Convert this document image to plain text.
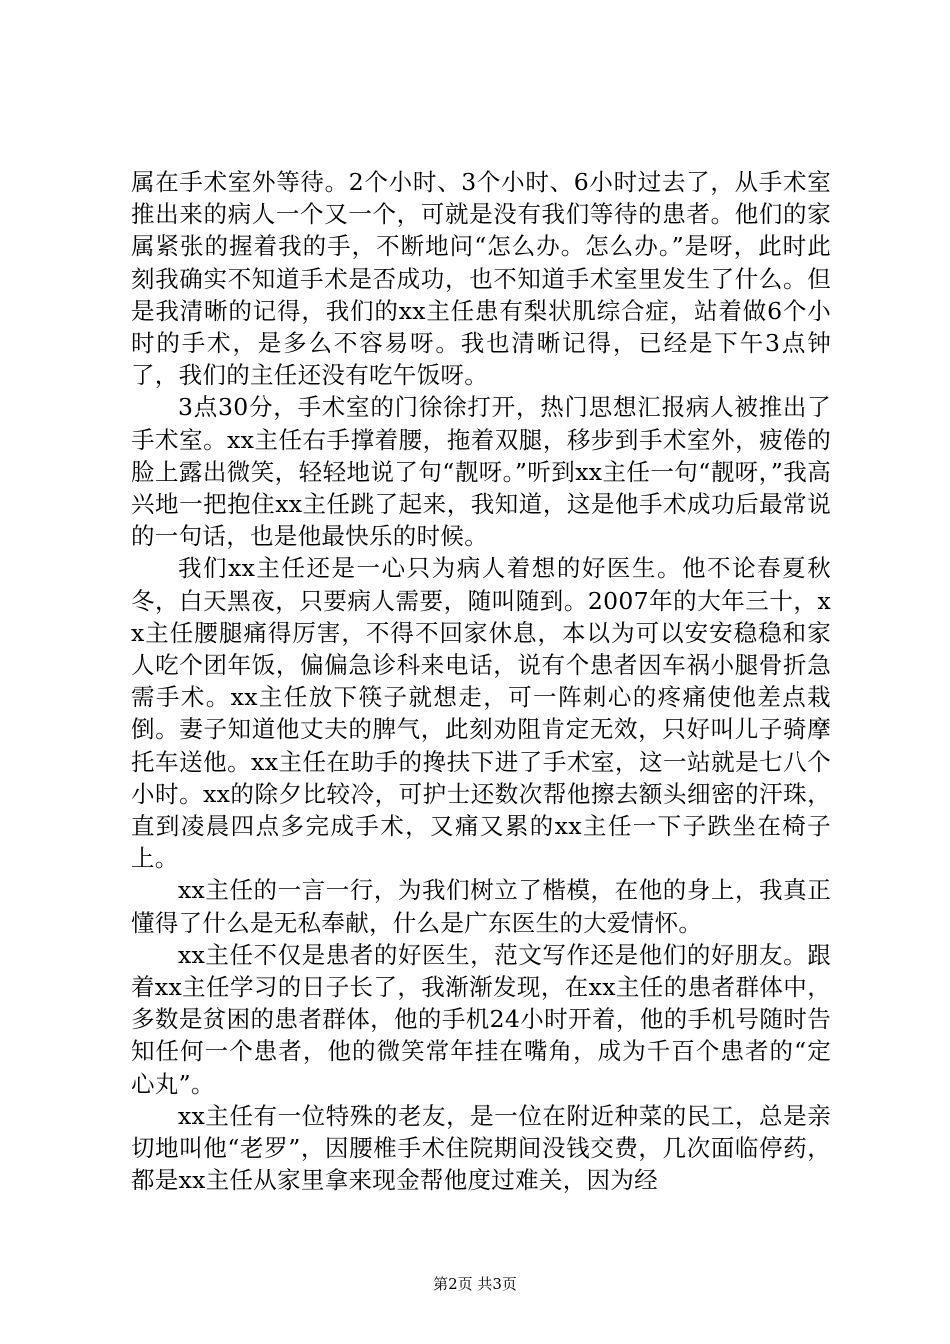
属在手术室外等待。2个小时、3个小时、6小时过去了，从手术室推出来的病人一个又一个，可就是没有我们等待的患者。他们的家属紧张的握着我的手，不断地问“怎么办。怎么办。”是呀，此时此刻我确实不知道手术是否成功，也不知道手术室里发生了什么。但是我清晰的记得，我们的xx主任患有梨状肌综合症，站着做6个小时的手术，是多么不容易呀。我也清晰记得，已经是下午3点钟了，我们的主任还没有吃午饭呀。

3点30分，手术室的门徐徐打开，热门思想汇报病人被推出了手术室。xx主任右手撑着腰，拖着双腿，移步到手术室外，疲倦的脸上露出微笑，轻轻地说了句“靓呀。”听到xx主任一句“靓呀，”我高兴地一把抱住xx主任跳了起来，我知道，这是他手术成功后最常说的一句话，也是他最快乐的时候。

我们xx主任还是一心只为病人着想的好医生。他不论春夏秋冬，白天黑夜，只要病人需要，随叫随到。2007年的大年三十，xx主任腰腿痛得厉害，不得不回家休息，本以为可以安安稳稳和家人吃个团年饭，偏偏急诊科来电话，说有个患者因车祸小腿骨折急需手术。xx主任放下筷子就想走，可一阵刺心的疼痛使他差点栽倒。妻子知道他丈夫的脾气，此刻劝阻肯定无效，只好叫儿子骑摩托车送他。xx主任在助手的搀扶下进了手术室，这一站就是七八个小时。xx的除夕比较冷，可护士还数次帮他擦去额头细密的汗珠，直到凌晨四点多完成手术，又痛又累的xx主任一下子跌坐在椅子上。

xx主任的一言一行，为我们树立了楷模，在他的身上，我真正懂得了什么是无私奉献，什么是广东医生的大爱情怀。

xx主任不仅是患者的好医生，范文写作还是他们的好朋友。跟着xx主任学习的日子长了，我渐渐发现，在xx主任的患者群体中，多数是贫困的患者群体，他的手机24小时开着，他的手机号随时告知任何一个患者，他的微笑常年挂在嘴角，成为千百个患者的“定心丸”。

xx主任有一位特殊的老友，是一位在附近种菜的民工，总是亲切地叫他“老罗”，因腰椎手术住院期间没钱交费，几次面临停药，都是xx主任从家里拿来现金帮他度过难关，因为经

第2页 共3页
